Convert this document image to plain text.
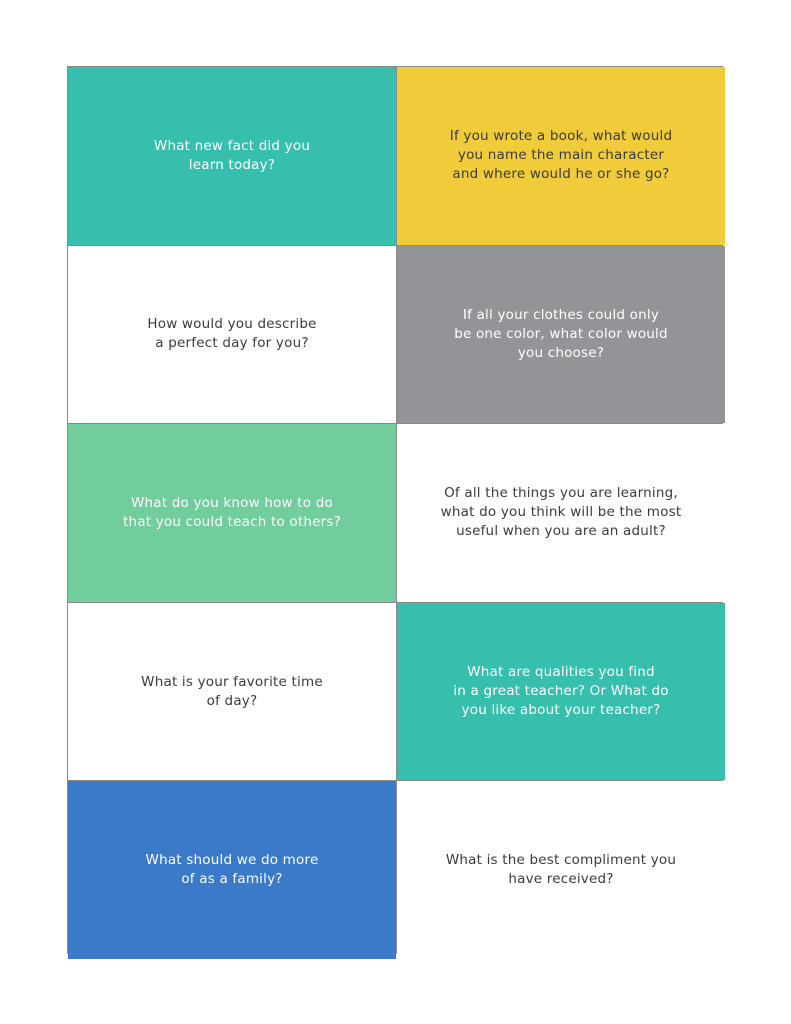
What new fact did you
learn today?
If you wrote a book, what would
you name the main character
and where would he or she go?
How would you describe
a perfect day for you?
If all your clothes could only
be one color, what color would
you choose?
What do you know how to do
that you could teach to others?
Of all the things you are learning,
what do you think will be the most
useful when you are an adult?
What is your favorite time
of day?
What are qualities you find
in a great teacher? Or What do
you like about your teacher?
What should we do more
of as a family?
What is the best compliment you
have received?
